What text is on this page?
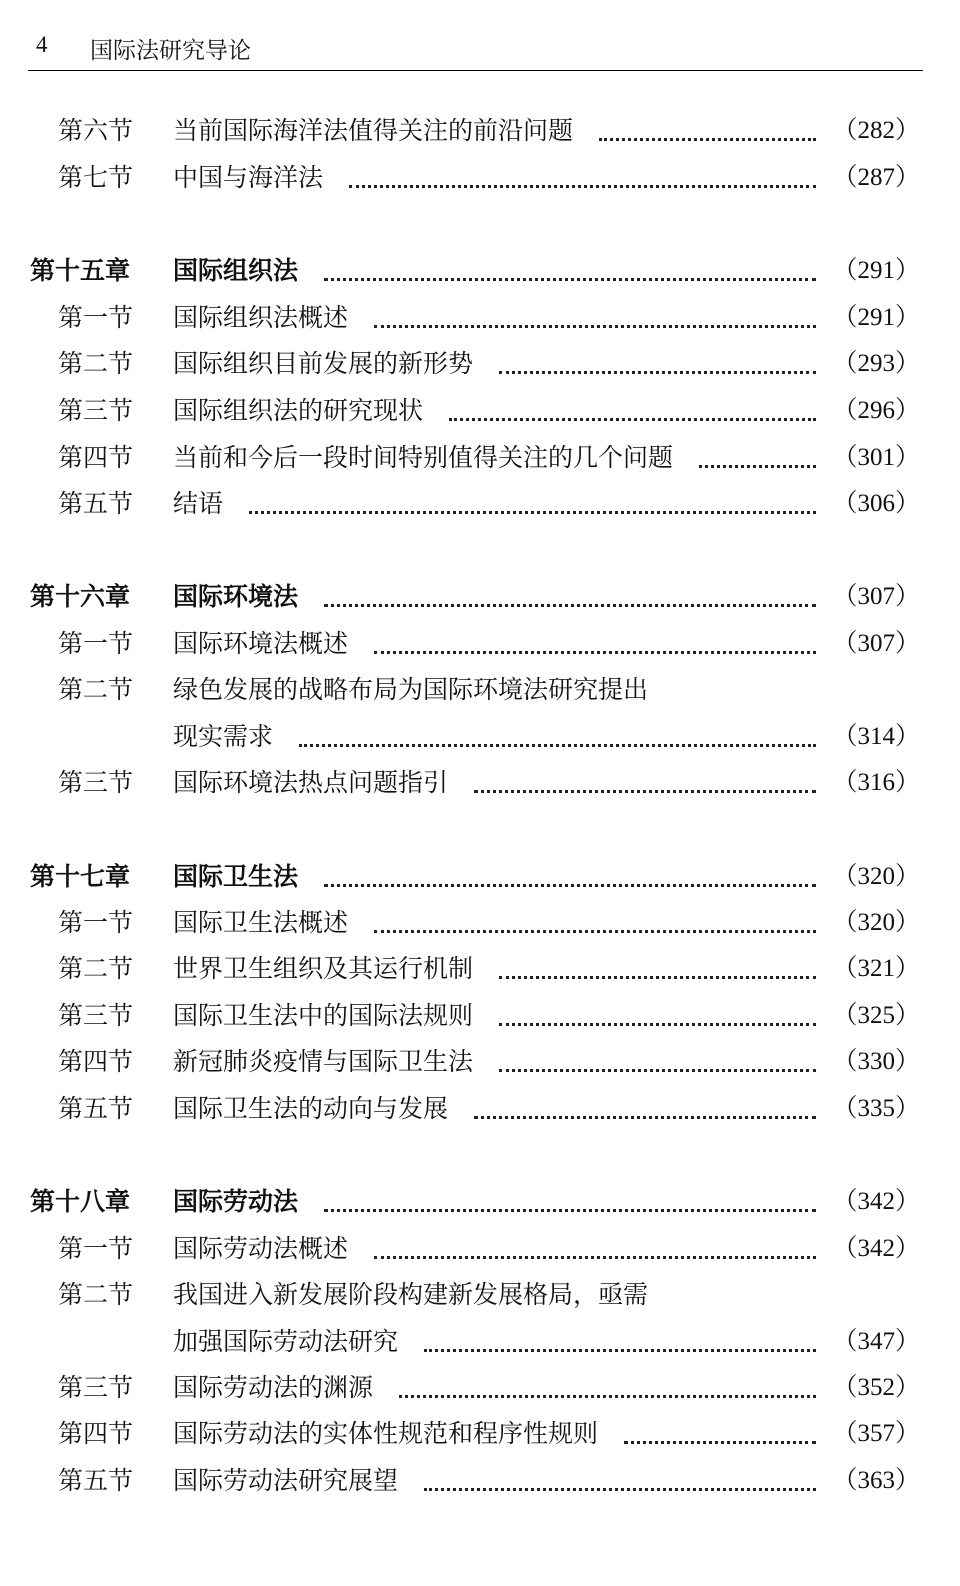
4 国际法研究导论
第六节 当前国际海洋法值得关注的前沿问题	（282）
第七节 中国与海洋法	（287）
第十五章 国际组织法	（291）
第一节 国际组织法概述	（291）
第二节 国际组织目前发展的新形势	（293）
第三节 国际组织法的研究现状	（296）
第四节 当前和今后一段时间特别值得关注的几个问题	（301）
第五节 结语	（306）
第十六章 国际环境法	（307）
第一节 国际环境法概述	（307）
第二节 绿色发展的战略布局为国际环境法研究提出
现实需求	（314）
第三节 国际环境法热点问题指引	（316）
第十七章 国际卫生法	（320）
第一节 国际卫生法概述	（320）
第二节 世界卫生组织及其运行机制	（321）
第三节 国际卫生法中的国际法规则	（325）
第四节 新冠肺炎疫情与国际卫生法	（330）
第五节 国际卫生法的动向与发展	（335）
第十八章 国际劳动法	（342）
第一节 国际劳动法概述	（342）
第二节 我国进入新发展阶段构建新发展格局，亟需
加强国际劳动法研究	（347）
第三节 国际劳动法的渊源	（352）
第四节 国际劳动法的实体性规范和程序性规则	（357）
第五节 国际劳动法研究展望	（363）
